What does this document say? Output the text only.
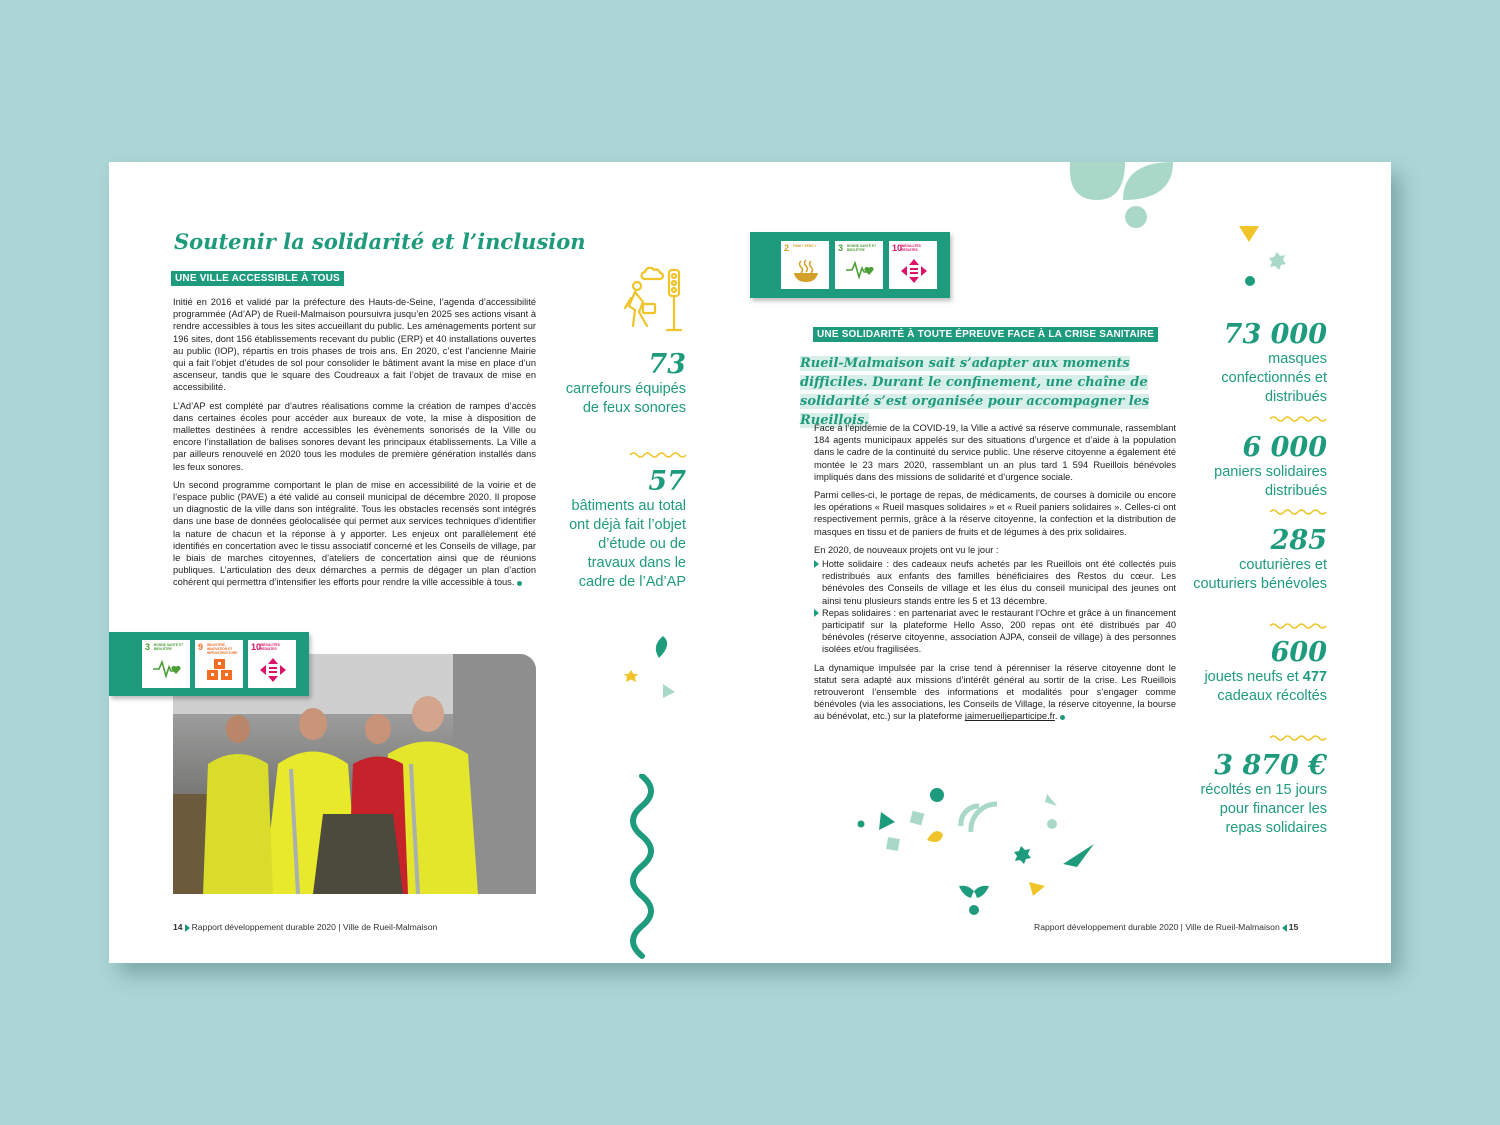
Soutenir la solidarité et l’inclusion
UNE VILLE ACCESSIBLE À TOUS

Initié en 2016 et validé par la préfecture des Hauts-de-Seine, l’agenda d’accessibilité programmée (Ad’AP) de Rueil-Malmaison poursuivra jusqu’en 2025 ses actions visant à rendre accessibles à tous les sites accueillant du public. Les aménagements portent sur 196 sites, dont 156 établissements recevant du public (ERP) et 40 installations ouvertes au public (IOP), répartis en trois phases de trois ans. En 2020, c’est l’ancienne Mairie qui a fait l’objet d’études de sol pour consolider le bâtiment avant la mise en place d’un ascenseur, tandis que le square des Coudreaux a fait l’objet de travaux de mise en accessibilité.

L’Ad’AP est complété par d’autres réalisations comme la création de rampes d’accès dans certaines écoles pour accéder aux bureaux de vote, la mise à disposition de mallettes destinées à rendre accessibles les évènements sonorisés de la Ville ou encore l’installation de balises sonores devant les principaux établissements. La Ville a par ailleurs renouvelé en 2020 tous les modules de première génération installés dans les feux sonores.

Un second programme comportant le plan de mise en accessibilité de la voirie et de l’espace public (PAVE) a été validé au conseil municipal de décembre 2020. Il propose un diagnostic de la ville dans son intégralité. Tous les obstacles recensés sont intégrés dans une base de données géolocalisée qui permet aux services techniques d’identifier la nature de chacun et la réponse à y apporter. Les enjeux ont parallèlement été identifiés en concertation avec le tissu associatif concerné et les Conseils de village, par le biais de marches citoyennes, d’ateliers de concertation ainsi que de réunions publiques. L’articulation des deux démarches a permis de dégager un plan d’action cohérent qui permettra d’intensifier les efforts pour rendre la ville accessible à tous.

73
carrefours équipés de feux sonores
57
bâtiments au total ont déjà fait l’objet d’étude ou de travaux dans le cadre de l’Ad’AP
3 BONNE SANTÉ ET BIEN-ÊTRE	9 INDUSTRIE, INNOVATION ET INFRASTRUCTURE
10
INÉGALITÉS RÉDUITES
14 Rapport développement durable 2020 | Ville de Rueil-Malmaison
2 FAIM « ZÉRO »	3 BONNE SANTÉ ET BIEN-ÊTRE	10
INÉGALITÉS RÉDUITES
UNE SOLIDARITÉ À TOUTE ÉPREUVE FACE À LA CRISE SANITAIRE

Rueil-Malmaison sait s’adapter aux moments difficiles. Durant le confinement, une chaîne de solidarité s’est organisée pour accompagner les Rueillois.

Face à l’épidémie de la COVID-19, la Ville a activé sa réserve communale, rassemblant 184 agents municipaux appelés sur des situations d’urgence et d’aide à la population dans le cadre de la continuité du service public. Une réserve citoyenne a également été montée le 23 mars 2020, rassemblant un an plus tard 1 594 Rueillois bénévoles impliqués dans des missions de solidarité et d’urgence sociale.

Parmi celles-ci, le portage de repas, de médicaments, de courses à domicile ou encore les opérations « Rueil masques solidaires » et « Rueil paniers solidaires ». Celles-ci ont respectivement permis, grâce à la réserve citoyenne, la confection et la distribution de masques en tissu et de paniers de fruits et de légumes à des prix solidaires.

En 2020, de nouveaux projets ont vu le jour :

Hotte solidaire : des cadeaux neufs achetés par les Rueillois ont été collectés puis redistribués aux enfants des familles bénéficiaires des Restos du cœur. Les bénévoles des Conseils de village et les élus du conseil municipal des jeunes ont ainsi tenu plusieurs stands entre les 5 et 13 décembre.
Repas solidaires : en partenariat avec le restaurant l’Ochre et grâce à un financement participatif sur la plateforme Hello Asso, 200 repas ont été distribués par 40 bénévoles (réserve citoyenne, association AJPA, conseil de village) à des personnes isolées et/ou fragilisées.

La dynamique impulsée par la crise tend à pérenniser la réserve citoyenne dont le statut sera adapté aux missions d’intérêt général au sortir de la crise. Les Rueillois retrouveront l’ensemble des informations et modalités pour s’engager comme bénévoles (via les associations, les Conseils de Village, la réserve citoyenne, la bourse au bénévolat, etc.) sur la plateforme jaimerueiljeparticipe.fr.

73 000
masques confectionnés et distribués
6 000
paniers solidaires distribués
285
couturières et couturiers bénévoles
600
jouets neufs et 477 cadeaux récoltés
3 870 €
récoltés en 15 jours pour financer les repas solidaires
Rapport développement durable 2020 | Ville de Rueil-Malmaison 15
